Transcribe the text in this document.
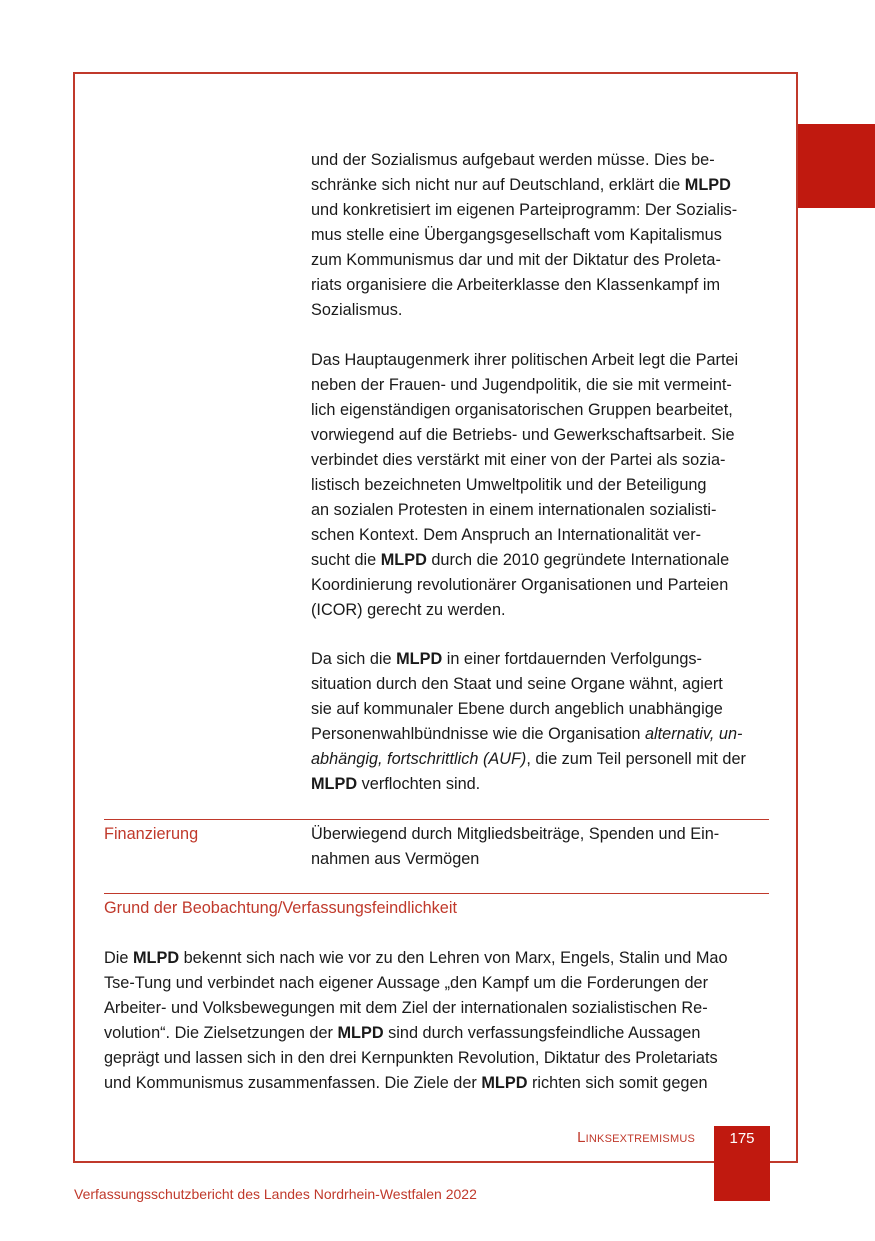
und der Sozialismus aufgebaut werden müsse. Dies be-
schränke sich nicht nur auf Deutschland, erklärt die MLPD
und konkretisiert im eigenen Parteiprogramm: Der Sozialis-
mus stelle eine Übergangsgesellschaft vom Kapitalismus
zum Kommunismus dar und mit der Diktatur des Proleta-
riats organisiere die Arbeiterklasse den Klassenkampf im
Sozialismus.

Das Hauptaugenmerk ihrer politischen Arbeit legt die Partei
neben der Frauen- und Jugendpolitik, die sie mit vermeint-
lich eigenständigen organisatorischen Gruppen bearbeitet,
vorwiegend auf die Betriebs- und Gewerkschaftsarbeit. Sie
verbindet dies verstärkt mit einer von der Partei als sozia-
listisch bezeichneten Umweltpolitik und der Beteiligung
an sozialen Protesten in einem internationalen sozialisti-
schen Kontext. Dem Anspruch an Internationalität ver-
sucht die MLPD durch die 2010 gegründete Internationale
Koordinierung revolutionärer Organisationen und Parteien
(ICOR) gerecht zu werden.

Da sich die MLPD in einer fortdauernden Verfolgungs-
situation durch den Staat und seine Organe wähnt, agiert
sie auf kommunaler Ebene durch angeblich unabhängige
Personenwahlbündnisse wie die Organisation alternativ, un-
abhängig, fortschrittlich (AUF), die zum Teil personell mit der
MLPD verflochten sind.

Finanzierung	Überwiegend durch Mitgliedsbeiträge, Spenden und Ein-
nahmen aus Vermögen

Grund der Beobachtung/Verfassungsfeindlichkeit

Die MLPD bekennt sich nach wie vor zu den Lehren von Marx, Engels, Stalin und Mao
Tse-Tung und verbindet nach eigener Aussage „den Kampf um die Forderungen der
Arbeiter- und Volksbewegungen mit dem Ziel der internationalen sozialistischen Re-
volution“. Die Zielsetzungen der MLPD sind durch verfassungsfeindliche Aussagen
geprägt und lassen sich in den drei Kernpunkten Revolution, Diktatur des Proletariats
und Kommunismus zusammenfassen. Die Ziele der MLPD richten sich somit gegen

Linksextremismus	175
Verfassungsschutzbericht des Landes Nordrhein-Westfalen 2022
